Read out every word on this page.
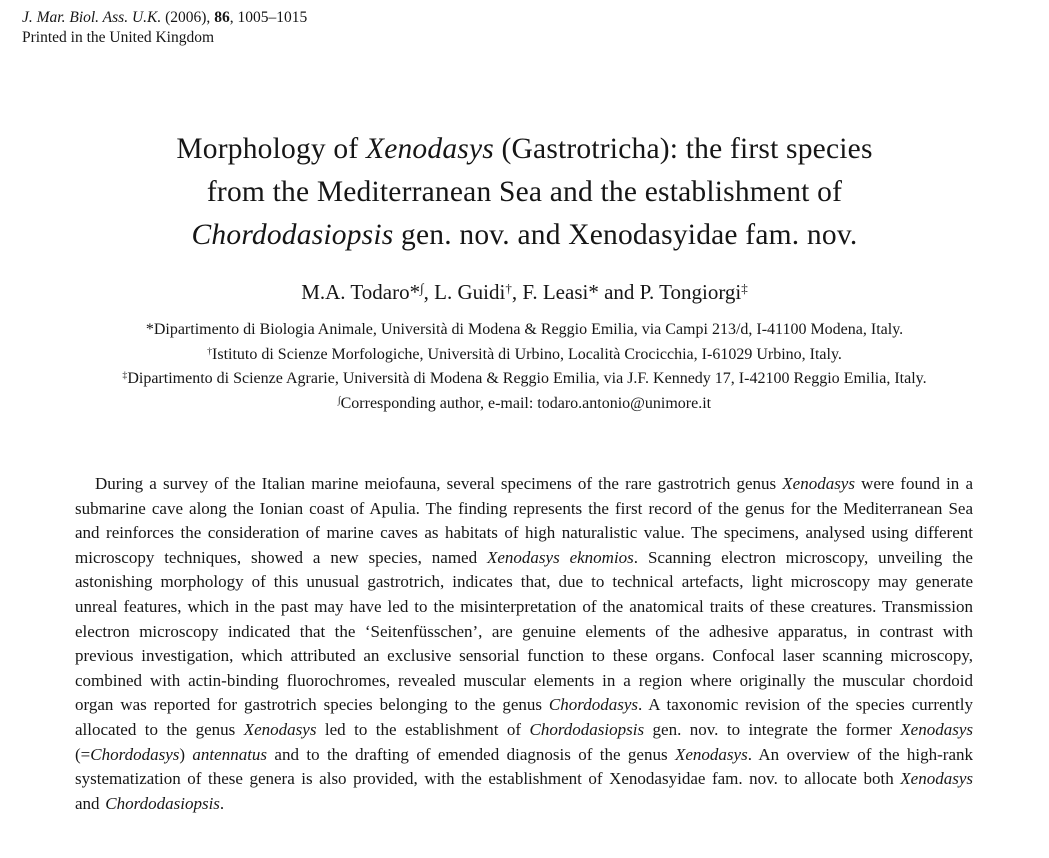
J. Mar. Biol. Ass. U.K. (2006), 86, 1005–1015
Printed in the United Kingdom
Morphology of Xenodasys (Gastrotricha): the first species
from the Mediterranean Sea and the establishment of
Chordodasiopsis gen. nov. and Xenodasyidae fam. nov.
M.A. Todaro*∫, L. Guidi†, F. Leasi* and P. Tongiorgi‡
*Dipartimento di Biologia Animale, Università di Modena & Reggio Emilia, via Campi 213/d, I-41100 Modena, Italy.
†Istituto di Scienze Morfologiche, Università di Urbino, Località Crocicchia, I-61029 Urbino, Italy.
‡Dipartimento di Scienze Agrarie, Università di Modena & Reggio Emilia, via J.F. Kennedy 17, I-42100 Reggio Emilia, Italy.
∫Corresponding author, e-mail: todaro.antonio@unimore.it

During a survey of the Italian marine meiofauna, several specimens of the rare gastrotrich genus Xenodasys were found in a submarine cave along the Ionian coast of Apulia. The finding represents the first record of the genus for the Mediterranean Sea and reinforces the consideration of marine caves as habitats of high naturalistic value. The specimens, analysed using different microscopy techniques, showed a new species, named Xenodasys eknomios. Scanning electron microscopy, unveiling the astonishing morphology of this unusual gastrotrich, indicates that, due to technical artefacts, light microscopy may generate unreal features, which in the past may have led to the misinterpretation of the anatomical traits of these creatures. Transmission electron microscopy indicated that the ‘Seitenfüsschen’, are genuine elements of the adhesive apparatus, in contrast with previous investigation, which attributed an exclusive sensorial function to these organs. Confocal laser scanning microscopy, combined with actin-binding fluorochromes, revealed muscular elements in a region where originally the muscular chordoid organ was reported for gastrotrich species belonging to the genus Chordodasys. A taxonomic revision of the species currently allocated to the genus Xenodasys led to the establishment of Chordodasiopsis gen. nov. to integrate the former Xenodasys (=Chordodasys) antennatus and to the drafting of emended diagnosis of the genus Xenodasys. An overview of the high-rank systematization of these genera is also provided, with the establishment of Xenodasyidae fam. nov. to allocate both Xenodasys and Chordodasiopsis.
